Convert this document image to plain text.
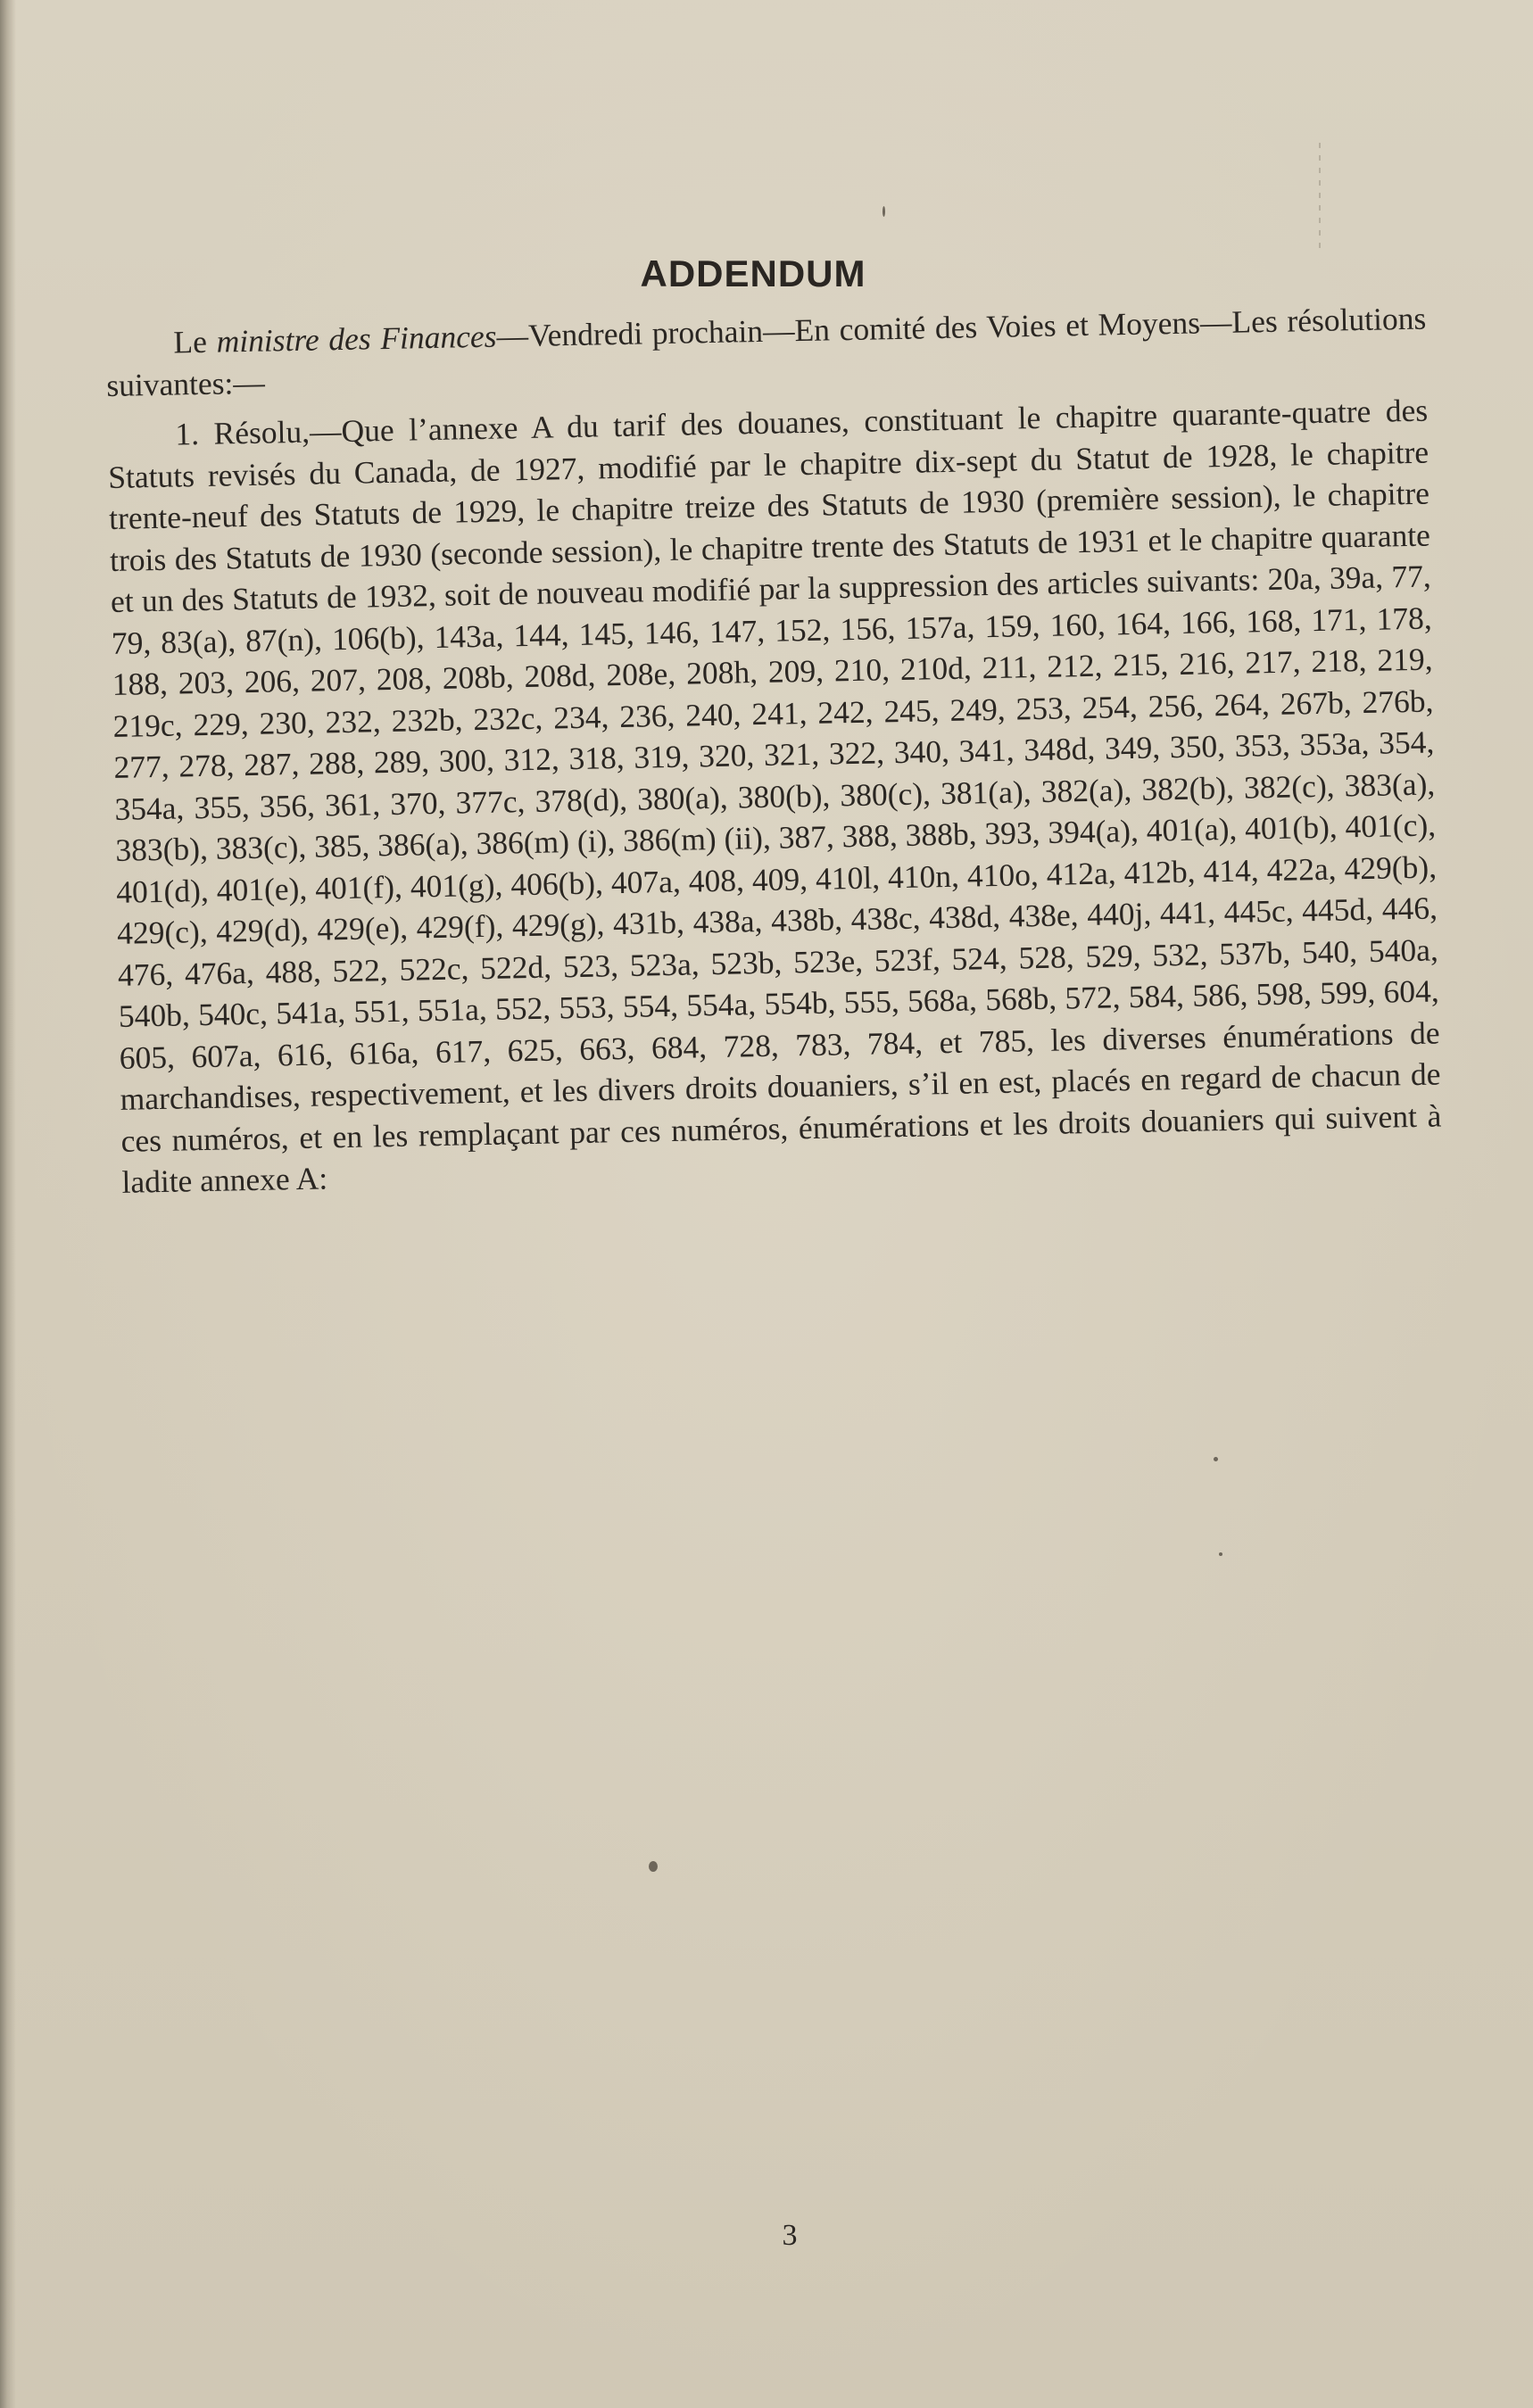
ADDENDUM

Le ministre des Finances—Vendredi prochain—En comité des Voies et Moyens—Les résolutions suivantes:—

1. Résolu,—Que l’annexe A du tarif des douanes, constituant le chapitre quarante-quatre des Statuts revisés du Canada, de 1927, modifié par le chapitre dix-sept du Statut de 1928, le chapitre trente-neuf des Statuts de 1929, le chapitre treize des Statuts de 1930 (première session), le chapitre trois des Statuts de 1930 (seconde session), le chapitre trente des Statuts de 1931 et le chapitre quarante et un des Statuts de 1932, soit de nouveau modifié par la suppression des articles suivants: 20a, 39a, 77, 79, 83(a), 87(n), 106(b), 143a, 144, 145, 146, 147, 152, 156, 157a, 159, 160, 164, 166, 168, 171, 178, 188, 203, 206, 207, 208, 208b, 208d, 208e, 208h, 209, 210, 210d, 211, 212, 215, 216, 217, 218, 219, 219c, 229, 230, 232, 232b, 232c, 234, 236, 240, 241, 242, 245, 249, 253, 254, 256, 264, 267b, 276b, 277, 278, 287, 288, 289, 300, 312, 318, 319, 320, 321, 322, 340, 341, 348d, 349, 350, 353, 353a, 354, 354a, 355, 356, 361, 370, 377c, 378(d), 380(a), 380(b), 380(c), 381(a), 382(a), 382(b), 382(c), 383(a), 383(b), 383(c), 385, 386(a), 386(m) (i), 386(m) (ii), 387, 388, 388b, 393, 394(a), 401(a), 401(b), 401(c), 401(d), 401(e), 401(f), 401(g), 406(b), 407a, 408, 409, 410l, 410n, 410o, 412a, 412b, 414, 422a, 429(b), 429(c), 429(d), 429(e), 429(f), 429(g), 431b, 438a, 438b, 438c, 438d, 438e, 440j, 441, 445c, 445d, 446, 476, 476a, 488, 522, 522c, 522d, 523, 523a, 523b, 523e, 523f, 524, 528, 529, 532, 537b, 540, 540a, 540b, 540c, 541a, 551, 551a, 552, 553, 554, 554a, 554b, 555, 568a, 568b, 572, 584, 586, 598, 599, 604, 605, 607a, 616, 616a, 617, 625, 663, 684, 728, 783, 784, et 785, les diverses énumérations de marchandises, respectivement, et les divers droits douaniers, s’il en est, placés en regard de chacun de ces numéros, et en les remplaçant par ces numéros, énumérations et les droits douaniers qui suivent à ladite annexe A:

3
